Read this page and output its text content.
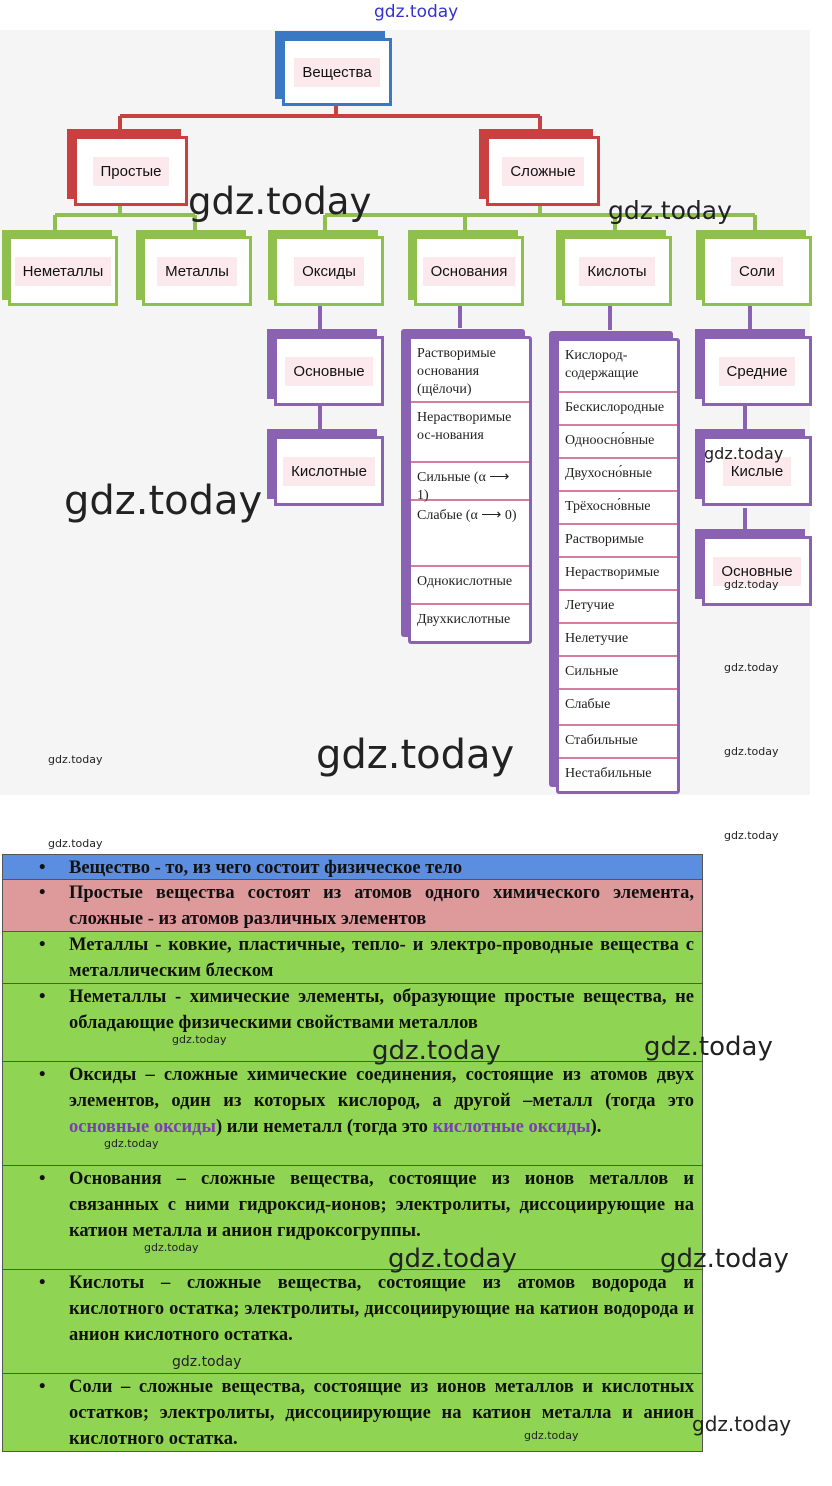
gdz.today
Вещества
Простые	Сложные
Неметаллы	Металлы	Оксиды	Основания	Кислоты	Соли
Основные
Кислотные
Растворимые основания (щёлочи)
Нерастворимые ос-нования
Сильные (α ⟶ 1)
Слабые (α ⟶ 0)
Однокислотные
Двухкислотные
Кислород-содержащие
Бескислородные
Одноосно́вные
Двухосно́вные
Трёхосно́вные
Растворимые
Нерастворимые
Летучие
Нелетучие
Сильные
Слабые
Стабильные
Нестабильные
Средние
Кислые
Основные
gdz.today	gdz.today
gdz.today
gdz.today
gdz.today
gdz.today
gdz.today
gdz.today
gdz.today
gdz.today
gdz.today
• Вещество - то, из чего состоит физическое тело
• Простые вещества состоят из атомов одного химического элемента, сложные - из атомов различных элементов
• Металлы - ковкие, пластичные, тепло- и электро-проводные вещества с металлическим блеском
• Неметаллы - химические элементы, образующие простые вещества, не обладающие физическими свойствами металлов
• Оксиды – сложные химические соединения, состоящие из атомов двух элементов, один из которых кислород, а другой –металл (тогда это основные оксиды) или неметалл (тогда это кислотные оксиды).
• Основания – сложные вещества, состоящие из ионов металлов и связанных с ними гидроксид-ионов; электролиты, диссоциирующие на катион металла и анион гидроксогруппы.
• Кислоты – сложные вещества, состоящие из атомов водорода и кислотного остатка; электролиты, диссоциирующие на катион водорода и анион кислотного остатка.
• Соли – сложные вещества, состоящие из ионов металлов и кислотных остатков; электролиты, диссоциирующие на катион металла и анион кислотного остатка.
gdz.today	gdz.today	gdz.today
gdz.today
gdz.today	gdz.today	gdz.today
gdz.today
gdz.today
gdz.today
